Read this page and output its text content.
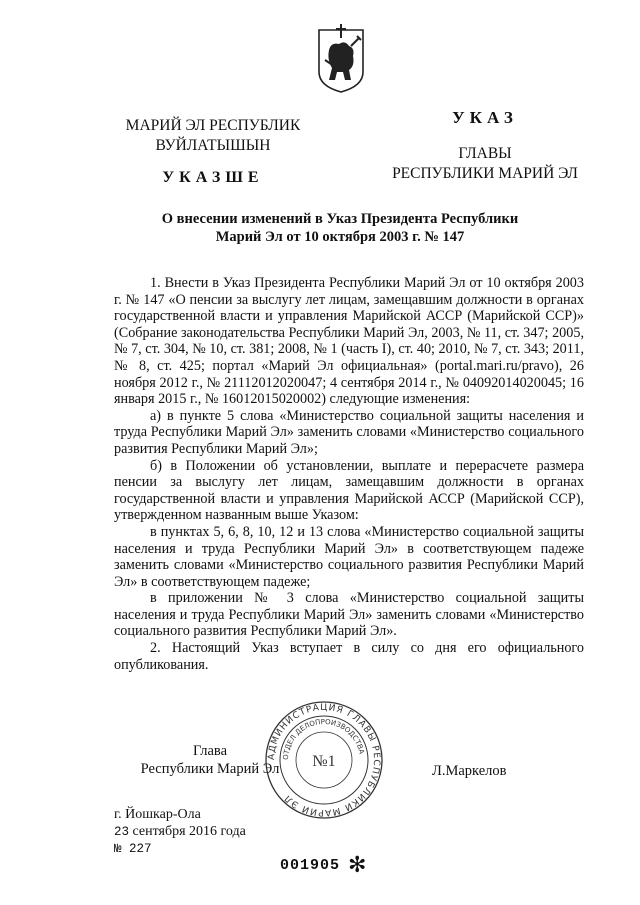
МАРИЙ ЭЛ РЕСПУБЛИК
ВУЙЛАТЫШЫН
УКАЗШЕ
УКАЗ
ГЛАВЫ
РЕСПУБЛИКИ МАРИЙ ЭЛ
О внесении изменений в Указ Президента Республики
Марий Эл от 10 октября 2003 г. № 147

1. Внести в Указ Президента Республики Марий Эл от 10 октября 2003 г. № 147 «О пенсии за выслугу лет лицам, замещавшим должности в органах государственной власти и управления Марийской АССР (Марийской ССР)» (Собрание законодательства Республики Марий Эл, 2003, № 11, ст. 347; 2005, № 7, ст. 304, № 10, ст. 381; 2008, № 1 (часть I), ст. 40; 2010, № 7, ст. 343; 2011, № 8, ст. 425; портал «Марий Эл официальная» (portal.mari.ru/pravo), 26 ноября 2012 г., № 21112012020047; 4 сентября 2014 г., № 04092014020045; 16 января 2015 г., № 16012015020002) следующие изменения:

а) в пункте 5 слова «Министерство социальной защиты населения и труда Республики Марий Эл» заменить словами «Министерство социального развития Республики Марий Эл»;

б) в Положении об установлении, выплате и перерасчете размера пенсии за выслугу лет лицам, замещавшим должности в органах государственной власти и управления Марийской АССР (Марийской ССР), утвержденном названным выше Указом:

в пунктах 5, 6, 8, 10, 12 и 13 слова «Министерство социальной защиты населения и труда Республики Марий Эл» в соответствующем падеже заменить словами «Министерство социального развития Республики Марий Эл» в соответствующем падеже;

в приложении № 3 слова «Министерство социальной защиты населения и труда Республики Марий Эл» заменить словами «Министерство социального развития Республики Марий Эл».

2. Настоящий Указ вступает в силу со дня его официального опубликования.

АДМИНИСТРАЦИЯ ГЛАВЫ РЕСПУБЛИКИ МАРИЙ ЭЛ
ОТДЕЛ ДЕЛОПРОИЗВОДСТВА
№1
Глава
Республики Марий Эл	Л.Маркелов
г. Йошкар-Ола
23 сентября 2016 года
№ 227
001905 ✻
